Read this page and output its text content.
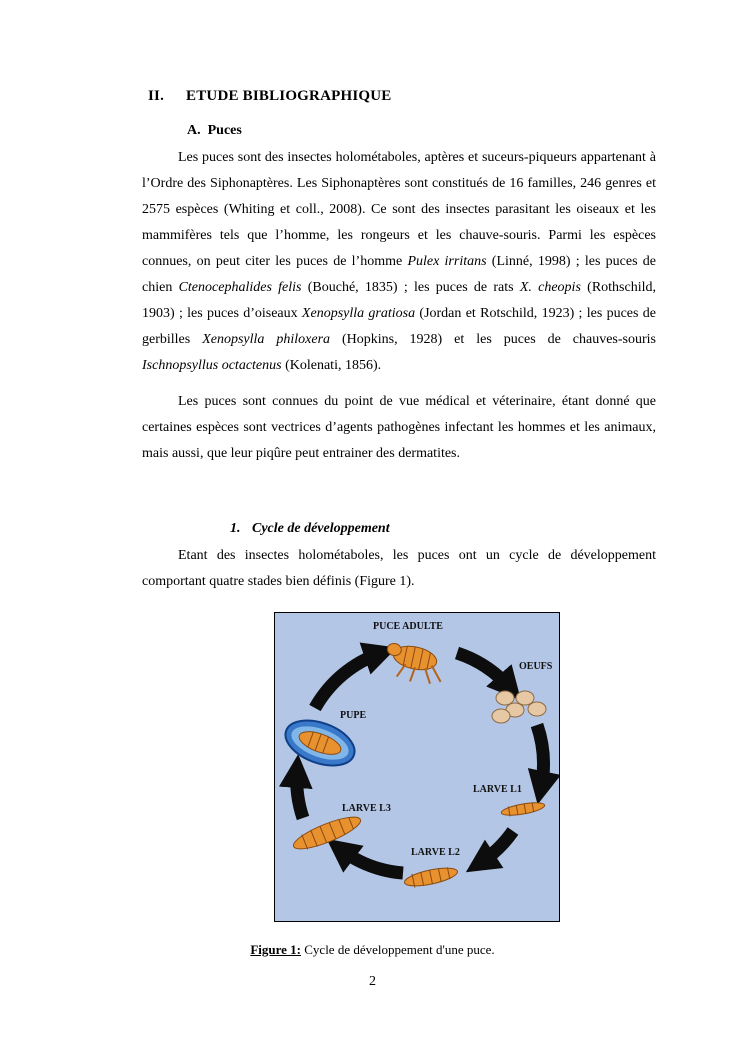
II. ETUDE BIBLIOGRAPHIQUE
A. Puces

Les puces sont des insectes holométaboles, aptères et suceurs-piqueurs appartenant à l’Ordre des Siphonaptères. Les Siphonaptères sont constitués de 16 familles, 246 genres et 2575 espèces (Whiting et coll., 2008). Ce sont des insectes parasitant les oiseaux et les mammifères tels que l’homme, les rongeurs et les chauve-souris. Parmi les espèces connues, on peut citer les puces de l’homme Pulex irritans (Linné, 1998) ; les puces de chien Ctenocephalides felis (Bouché, 1835) ; les puces de rats X. cheopis (Rothschild, 1903) ; les puces d’oiseaux Xenopsylla gratiosa (Jordan et Rotschild, 1923) ; les puces de gerbilles Xenopsylla philoxera (Hopkins, 1928) et les puces de chauves-souris Ischnopsyllus octactenus (Kolenati, 1856).

Les puces sont connues du point de vue médical et véterinaire, étant donné que certaines espèces sont vectrices d’agents pathogènes infectant les hommes et les animaux, mais aussi, que leur piqûre peut entrainer des dermatites.

1. Cycle de développement

Etant des insectes holométaboles, les puces ont un cycle de développement comportant quatre stades bien définis (Figure 1).

PUCE ADULTE
OEUFS
PUPE
LARVE L1
LARVE L3
LARVE L2
Figure 1: Cycle de développement d'une puce.
2
